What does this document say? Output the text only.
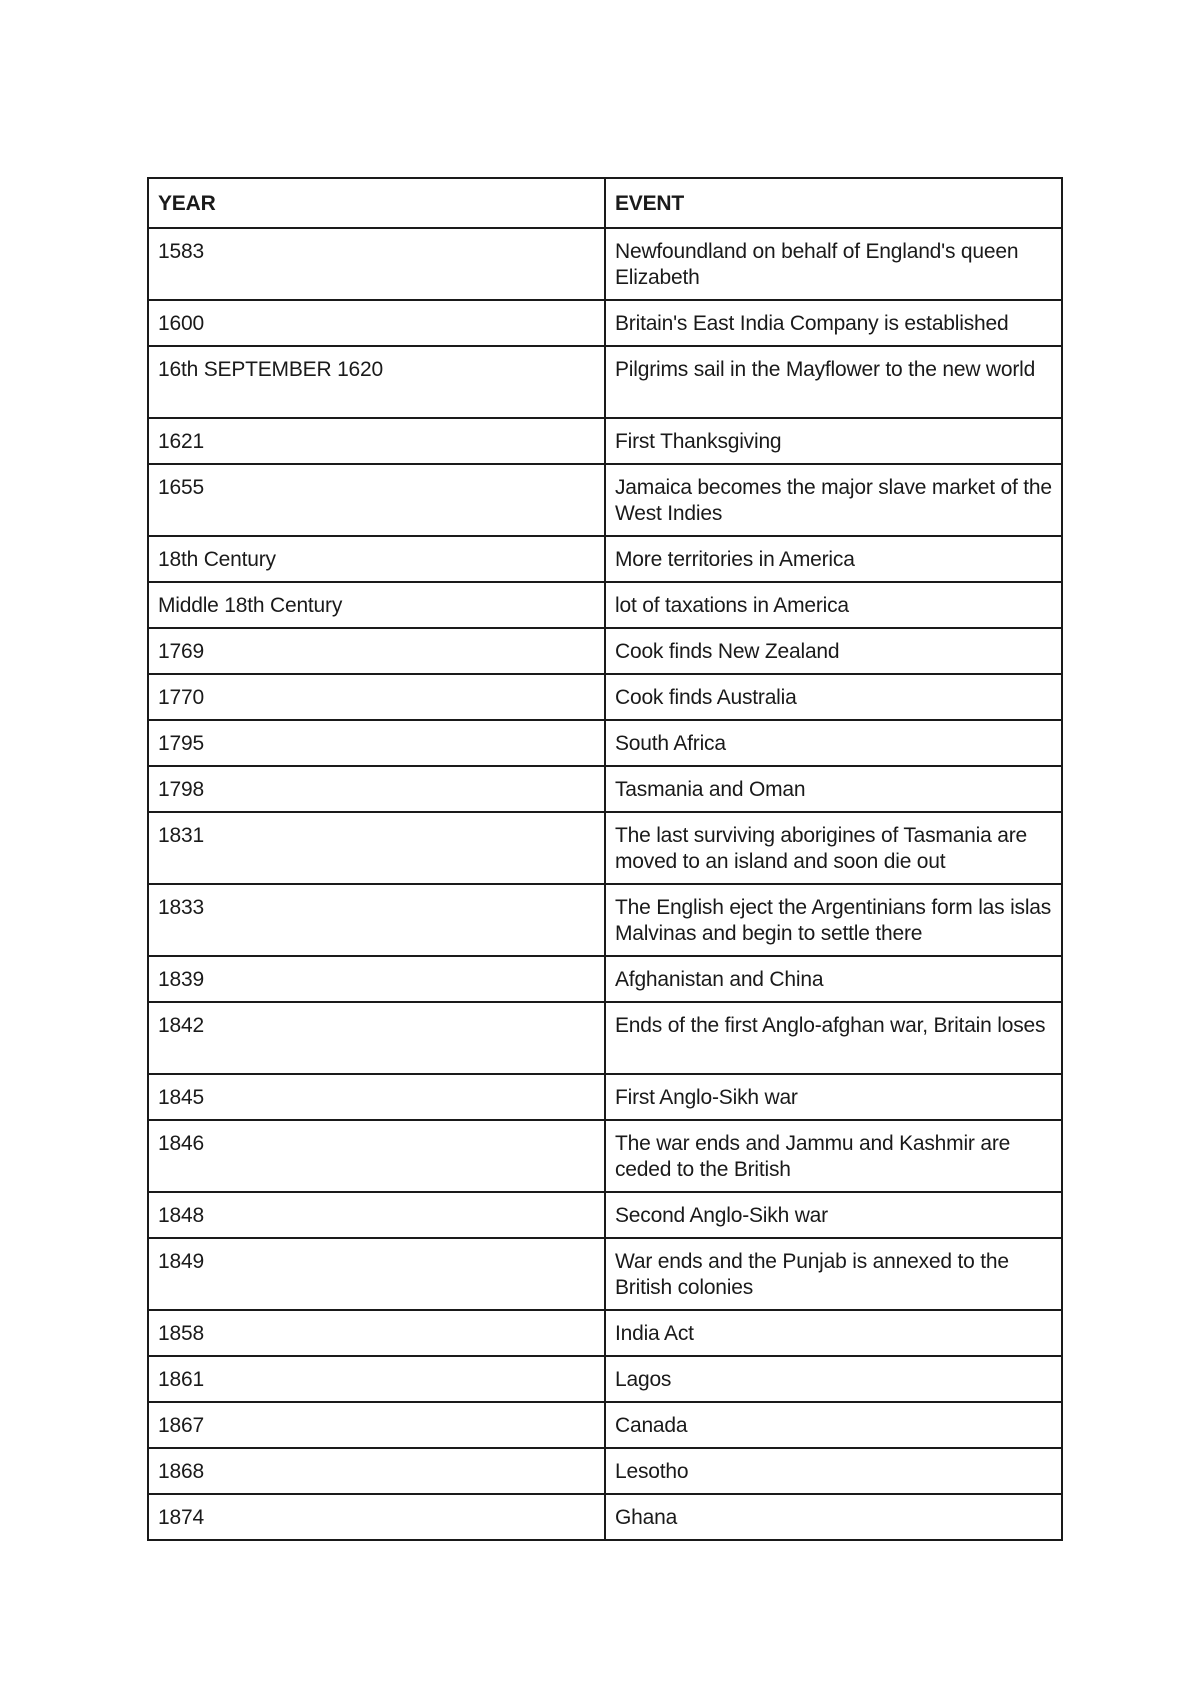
YEAR	EVENT
1583	Newfoundland on behalf of England's queen Elizabeth
1600	Britain's East India Company is established
16th SEPTEMBER 1620	Pilgrims sail in the Mayflower to the new world
1621	First Thanksgiving
1655	Jamaica becomes the major slave market of the West Indies
18th Century	More territories in America
Middle 18th Century	lot of taxations in America
1769	Cook finds New Zealand
1770	Cook finds Australia
1795	South Africa
1798	Tasmania and Oman
1831	The last surviving aborigines of Tasmania are moved to an island and soon die out
1833	The English eject the Argentinians form las islas Malvinas and begin to settle there
1839	Afghanistan and China
1842	Ends of the first Anglo-afghan war, Britain loses
1845	First Anglo-Sikh war
1846	The war ends and Jammu and Kashmir are ceded to the British
1848	Second Anglo-Sikh war
1849	War ends and the Punjab is annexed to the British colonies
1858	India Act
1861	Lagos
1867	Canada
1868	Lesotho
1874	Ghana
